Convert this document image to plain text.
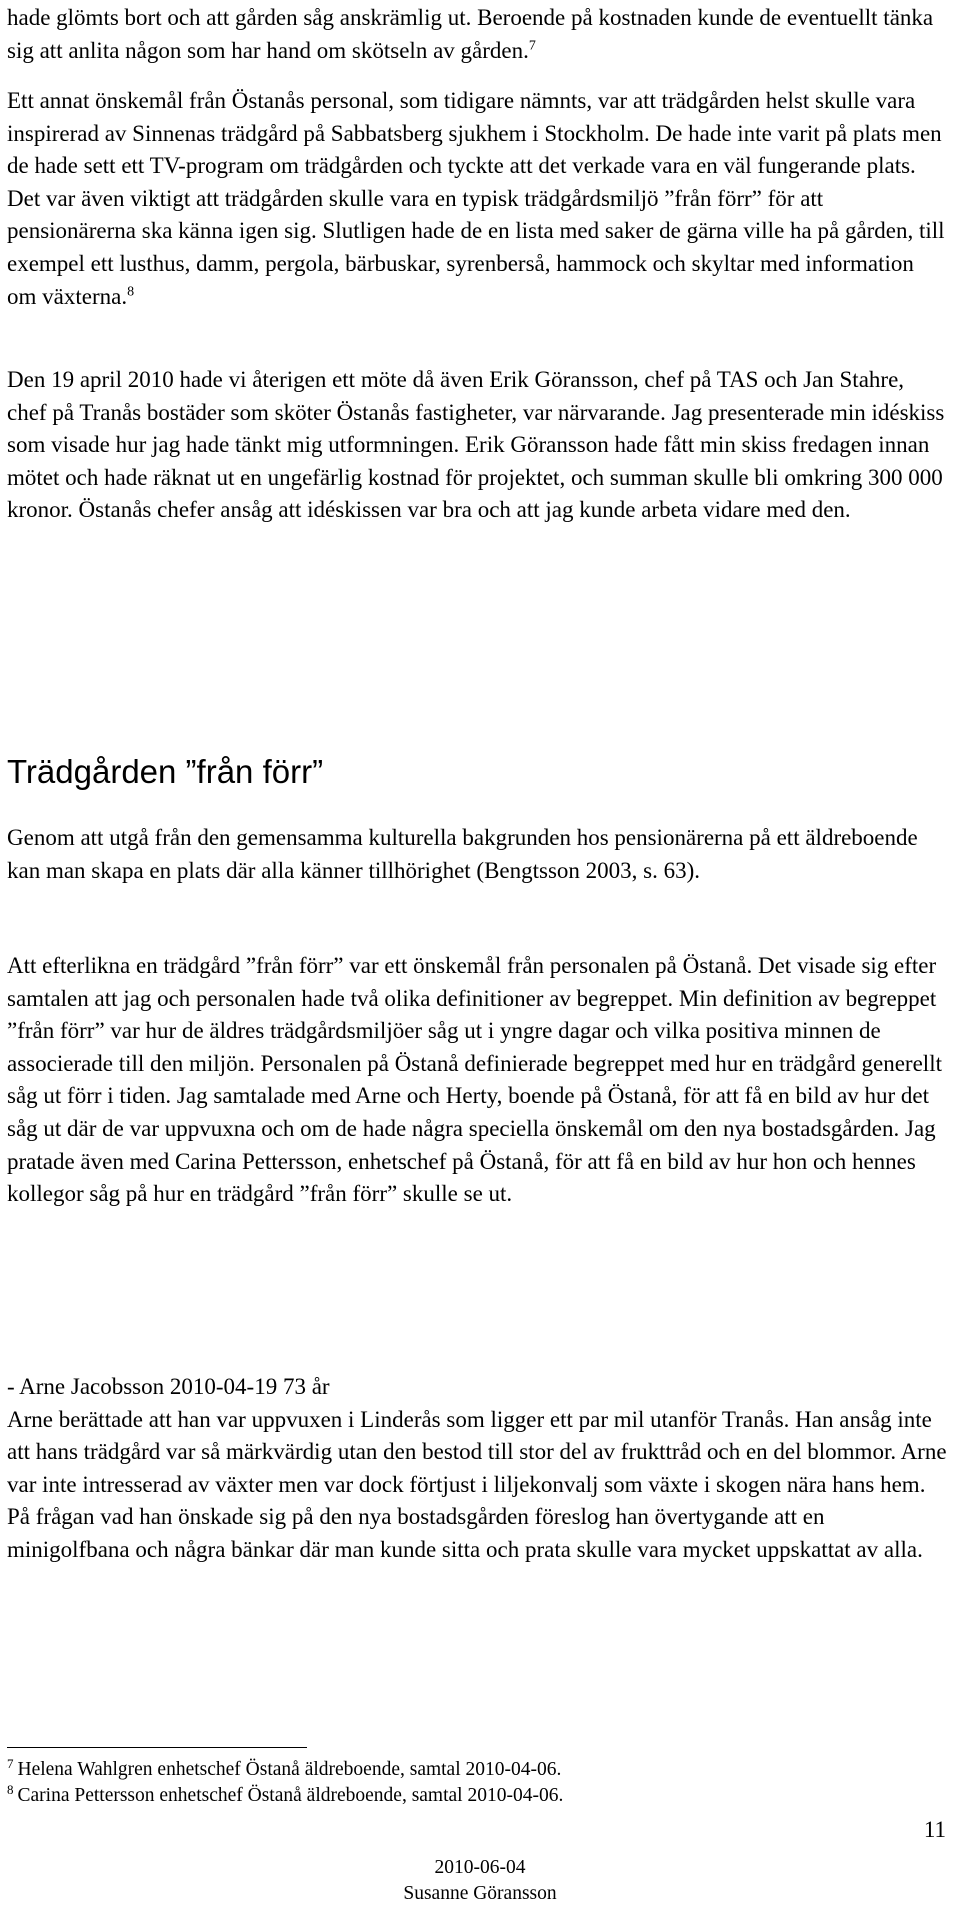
hade glömts bort och att gården såg anskrämlig ut. Beroende på kostnaden kunde de eventuellt tänka sig att anlita någon som har hand om skötseln av gården.$^7$

Ett annat önskemål från Östanås personal, som tidigare nämnts, var att trädgården helst skulle vara inspirerad av Sinnenas trädgård på Sabbatsberg sjukhem i Stockholm. De hade inte varit på plats men de hade sett ett TV-program om trädgården och tyckte att det verkade vara en väl fungerande plats. Det var även viktigt att trädgården skulle vara en typisk trädgårdsmiljö ”från förr” för att pensionärerna ska känna igen sig. Slutligen hade de en lista med saker de gärna ville ha på gården, till exempel ett lusthus, damm, pergola, bärbuskar, syrenberså, hammock och skyltar med information om växterna.$^8$

Den 19 april 2010 hade vi återigen ett möte då även Erik Göransson, chef på TAS och Jan Stahre, chef på Tranås bostäder som sköter Östanås fastigheter, var närvarande. Jag presenterade min idéskiss som visade hur jag hade tänkt mig utformningen. Erik Göransson hade fått min skiss fredagen innan mötet och hade räknat ut en ungefärlig kostnad för projektet, och summan skulle bli omkring 300 000 kronor. Östanås chefer ansåg att idéskissen var bra och att jag kunde arbeta vidare med den.

Trädgården ”från förr”

Genom att utgå från den gemensamma kulturella bakgrunden hos pensionärerna på ett äldreboende kan man skapa en plats där alla känner tillhörighet (Bengtsson 2003, s. 63).

Att efterlikna en trädgård ”från förr” var ett önskemål från personalen på Östanå. Det visade sig efter samtalen att jag och personalen hade två olika definitioner av begreppet. Min definition av begreppet ”från förr” var hur de äldres trädgårdsmiljöer såg ut i yngre dagar och vilka positiva minnen de associerade till den miljön. Personalen på Östanå definierade begreppet med hur en trädgård generellt såg ut förr i tiden. Jag samtalade med Arne och Herty, boende på Östanå, för att få en bild av hur det såg ut där de var uppvuxna och om de hade några speciella önskemål om den nya bostadsgården. Jag pratade även med Carina Pettersson, enhetschef på Östanå, för att få en bild av hur hon och hennes kollegor såg på hur en trädgård ”från förr” skulle se ut.

- Arne Jacobsson 2010-04-19 73 år

Arne berättade att han var uppvuxen i Linderås som ligger ett par mil utanför Tranås. Han ansåg inte att hans trädgård var så märkvärdig utan den bestod till stor del av frukttråd och en del blommor. Arne var inte intresserad av växter men var dock förtjust i liljekonvalj som växte i skogen nära hans hem. På frågan vad han önskade sig på den nya bostadsgården föreslog han övertygande att en minigolfbana och några bänkar där man kunde sitta och prata skulle vara mycket uppskattat av alla.

$^7$ Helena Wahlgren enhetschef Östanå äldreboende, samtal 2010-04-06.
$^8$ Carina Pettersson enhetschef Östanå äldreboende, samtal 2010-04-06.
11
2010-06-04
Susanne Göransson
